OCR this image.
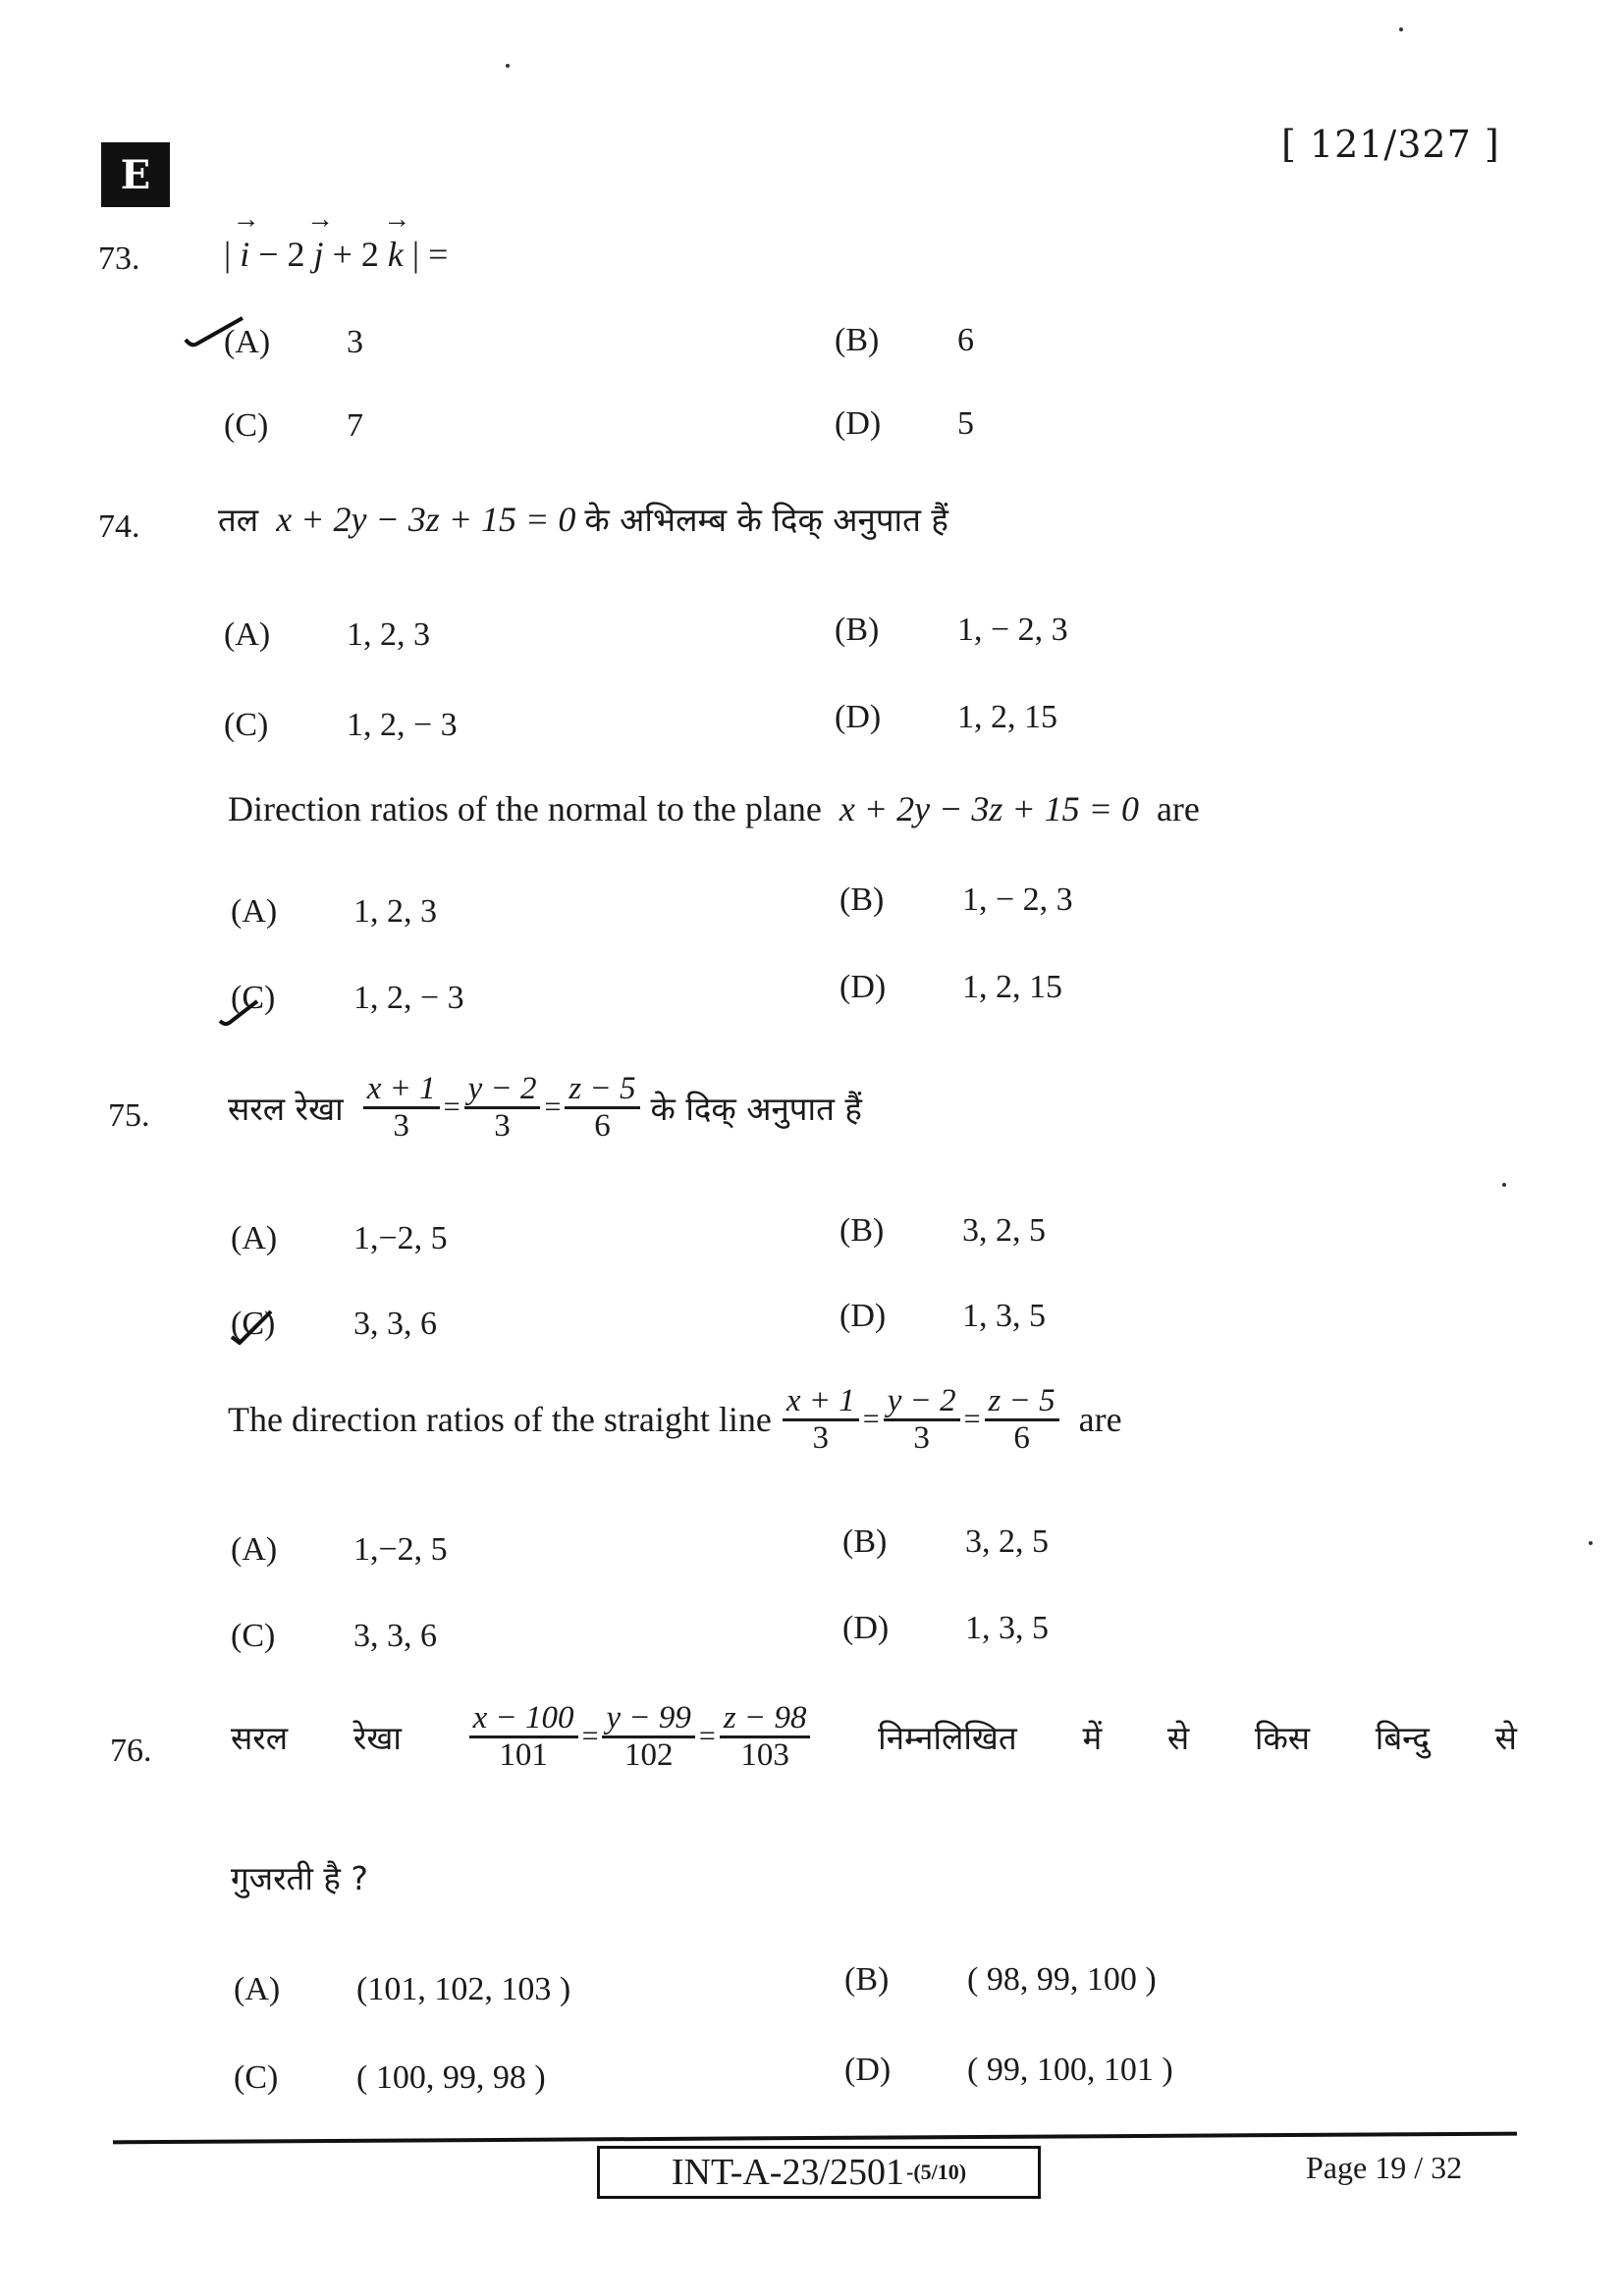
E
[ 121/327 ]
73. |
→ i
− 2
→ j
+ 2
→ k
| =
(A)	3	(B)	6
(C)	7	(D)	5
74. तल
x + 2y − 3z + 15 = 0
के अभिलम्ब के दिक् अनुपात हैं
(A)	1, 2, 3	(B)	1, − 2, 3
(C)	1, 2, − 3	(D)	1, 2, 15
Direction ratios of the normal to the plane
x + 2y − 3z + 15 = 0
are
(A)	1, 2, 3	(B)	1, − 2, 3
(C)	1, 2, − 3	(D)	1, 2, 15
75. सरल रेखा
$\frac{x + 1}{3} = \frac{y - 2}{3} = \frac{z - 5}{6}$
के दिक् अनुपात हैं
(A)	1,−2, 5	(B)	3, 2, 5
(C)	3, 3, 6	(D)	1, 3, 5
The direction ratios of the straight line
$\frac{x + 1}{3} = \frac{y - 2}{3} = \frac{z - 5}{6}$
are
(A)	1,−2, 5	(B)	3, 2, 5
(C)	3, 3, 6	(D)	1, 3, 5
76. सरल रेखा $\frac{x - 100}{101} = \frac{y - 99}{102} = \frac{z - 98}{103}$ निम्नलिखित में से किस बिन्दु से
गुजरती है ?
(A)	(101, 102, 103 )	(B)	( 98, 99, 100 )
(C)	( 100, 99, 98 )	(D)	( 99, 100, 101 )
INT-A-23/2501 -(5/10)	Page 19 / 32
